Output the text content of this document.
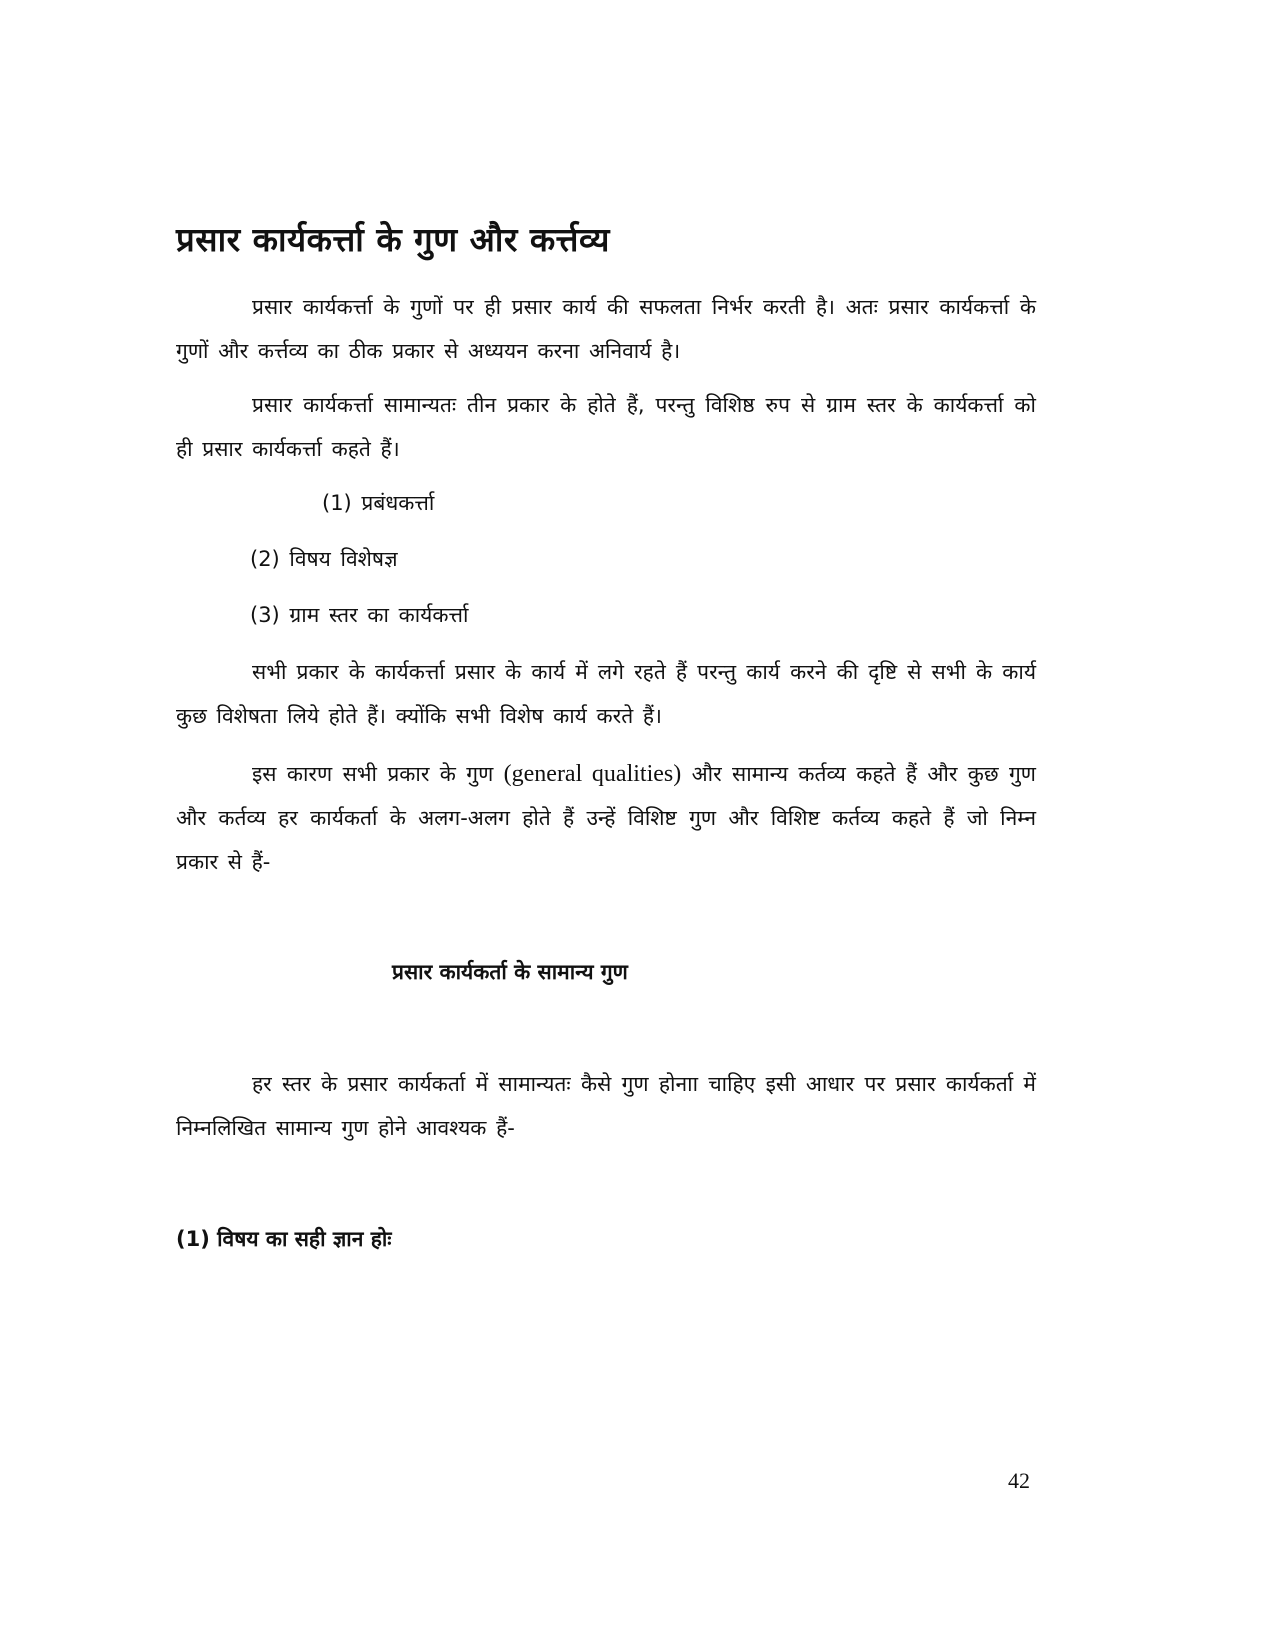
प्रसार कार्यकर्त्ता के गुण और कर्त्तव्य
प्रसार कार्यकर्त्ता के गुणों पर ही प्रसार कार्य की सफलता निर्भर करती है। अतः प्रसार कार्यकर्त्ता के गुणों और कर्त्तव्य का ठीक प्रकार से अध्ययन करना अनिवार्य है।
प्रसार कार्यकर्त्ता सामान्यतः तीन प्रकार के होते हैं, परन्तु विशिष्ठ रुप से ग्राम स्तर के कार्यकर्त्ता को ही प्रसार कार्यकर्त्ता कहते हैं।
(1) प्रबंधकर्त्ता
(2) विषय विशेषज्ञ
(3) ग्राम स्तर का कार्यकर्त्ता
सभी प्रकार के कार्यकर्त्ता प्रसार के कार्य में लगे रहते हैं परन्तु कार्य करने की दृष्टि से सभी के कार्य कुछ विशेषता लिये होते हैं। क्योंकि सभी विशेष कार्य करते हैं।
इस कारण सभी प्रकार के गुण (general qualities) और सामान्य कर्तव्य कहते हैं और कुछ गुण और कर्तव्य हर कार्यकर्ता के अलग-अलग होते हैं उन्हें विशिष्ट गुण और विशिष्ट कर्तव्य कहते हैं जो निम्न प्रकार से हैं-
प्रसार कार्यकर्ता के सामान्य गुण
हर स्तर के प्रसार कार्यकर्ता में सामान्यतः कैसे गुण होनाा चाहिए इसी आधार पर प्रसार कार्यकर्ता में निम्नलिखित सामान्य गुण होने आवश्यक हैं-
(1) विषय का सही ज्ञान होः
42
